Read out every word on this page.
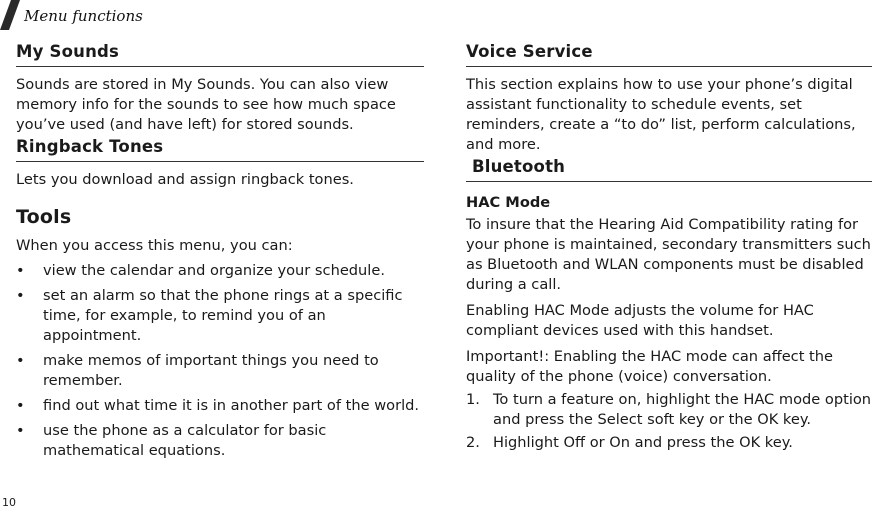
Menu functions
My Sounds

Sounds are stored in My Sounds. You can also view memory info for the sounds to see how much space you’ve used (and have left) for stored sounds.

Ringback Tones

Lets you download and assign ringback tones.

Tools

When you access this menu, you can:

• view the calendar and organize your schedule.
• set an alarm so that the phone rings at a specific time, for example, to remind you of an appointment.
• make memos of important things you need to remember.
• find out what time it is in another part of the world.
• use the phone as a calculator for basic mathematical equations.
Voice Service

This section explains how to use your phone’s digital assistant functionality to schedule events, set reminders, create a “to do” list, perform calculations, and more.

Bluetooth
HAC Mode

To insure that the Hearing Aid Compatibility rating for your phone is maintained, secondary transmitters such as Bluetooth and WLAN components must be disabled during a call.

Enabling HAC Mode adjusts the volume for HAC compliant devices used with this handset.

Important!: Enabling the HAC mode can affect the quality of the phone (voice) conversation.

1. To turn a feature on, highlight the HAC mode option and press the Select soft key or the OK key.
2. Highlight Off or On and press the OK key.
10
